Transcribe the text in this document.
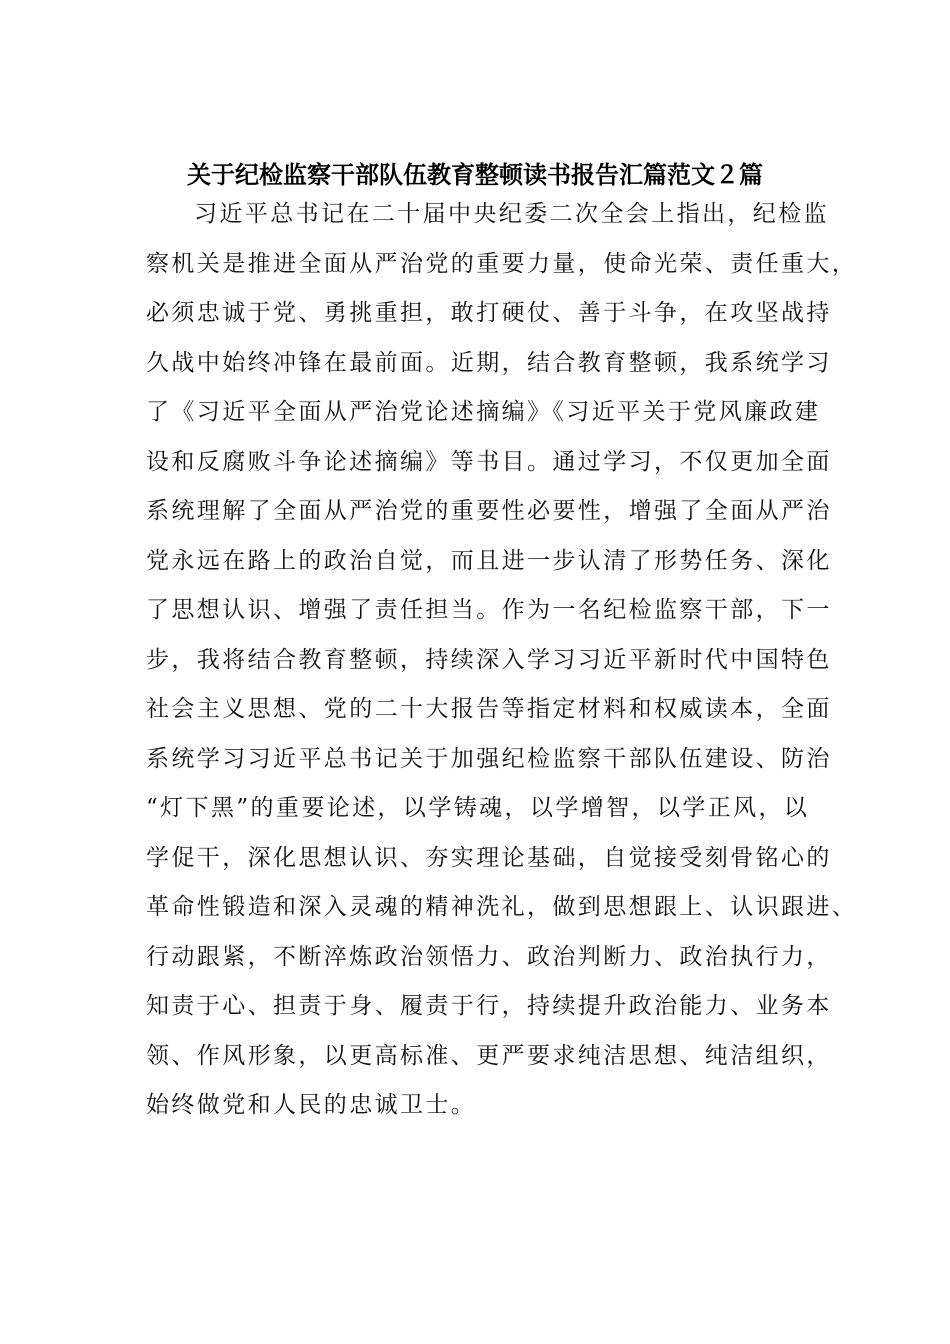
关于纪检监察干部队伍教育整顿读书报告汇篇范文２篇
习近平总书记在二十届中央纪委二次全会上指出，纪检监
察机关是推进全面从严治党的重要力量，使命光荣、责任重大，
必须忠诚于党、勇挑重担，敢打硬仗、善于斗争，在攻坚战持
久战中始终冲锋在最前面。近期，结合教育整顿，我系统学习
了《习近平全面从严治党论述摘编》《习近平关于党风廉政建
设和反腐败斗争论述摘编》等书目。通过学习，不仅更加全面
系统理解了全面从严治党的重要性必要性，增强了全面从严治
党永远在路上的政治自觉，而且进一步认清了形势任务、深化
了思想认识、增强了责任担当。作为一名纪检监察干部，下一
步，我将结合教育整顿，持续深入学习习近平新时代中国特色
社会主义思想、党的二十大报告等指定材料和权威读本，全面
系统学习习近平总书记关于加强纪检监察干部队伍建设、防治
“灯下黑”的重要论述，以学铸魂，以学增智，以学正风，以
学促干，深化思想认识、夯实理论基础，自觉接受刻骨铭心的
革命性锻造和深入灵魂的精神洗礼，做到思想跟上、认识跟进、
行动跟紧，不断淬炼政治领悟力、政治判断力、政治执行力，
知责于心、担责于身、履责于行，持续提升政治能力、业务本
领、作风形象，以更高标准、更严要求纯洁思想、纯洁组织，
始终做党和人民的忠诚卫士。
